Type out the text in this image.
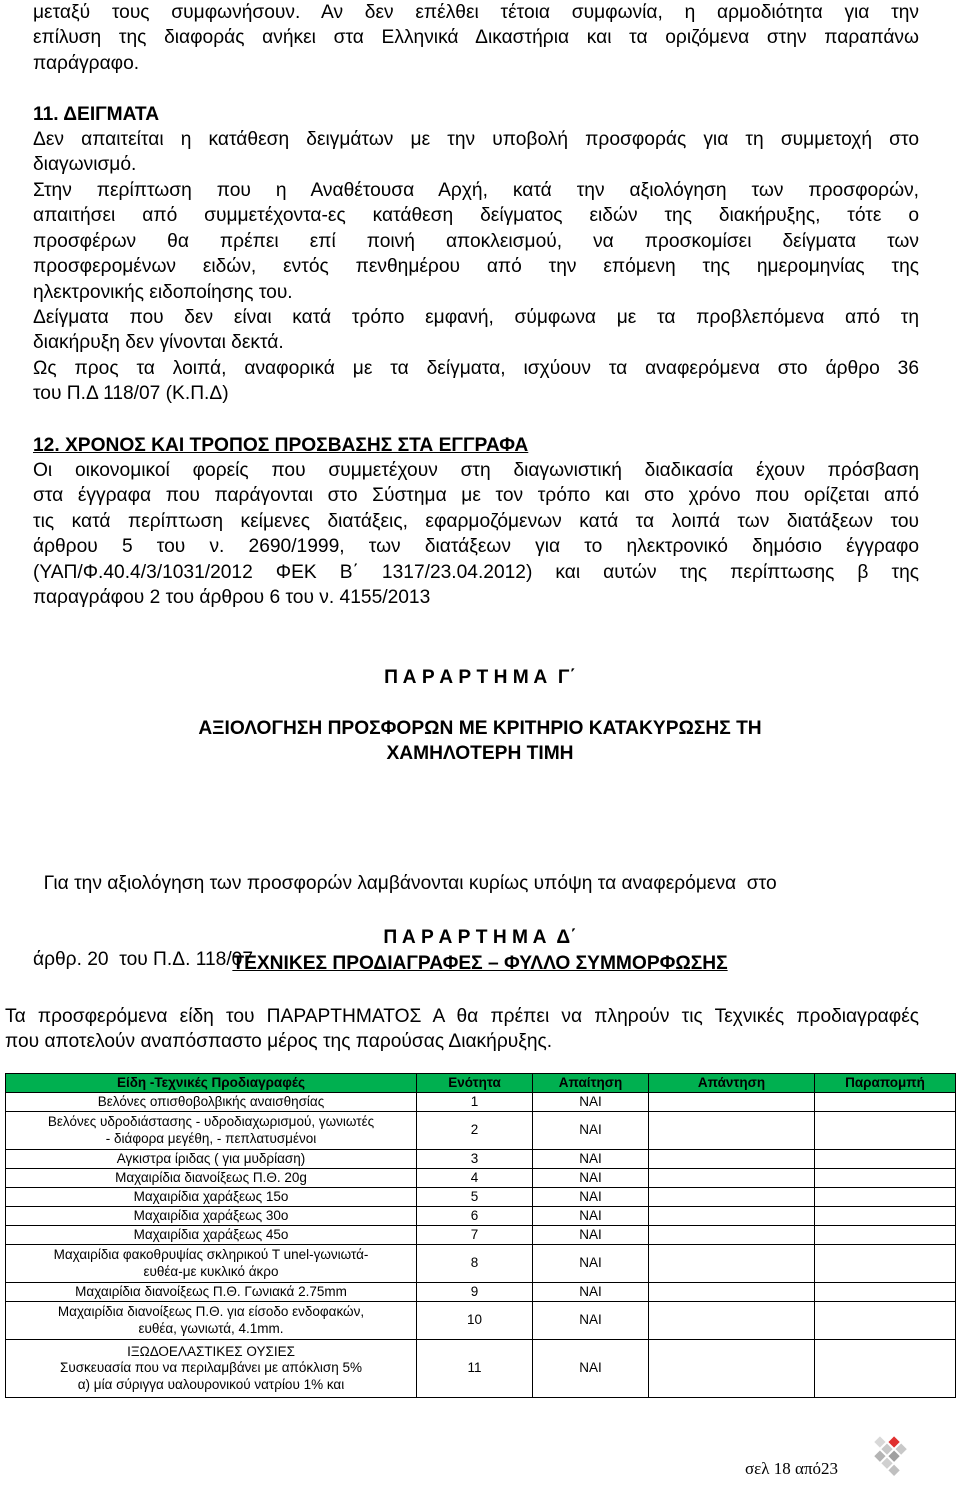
μεταξύ τους συμφωνήσουν. Αν δεν επέλθει τέτοια συμφωνία, η αρμοδιότητα για την
επίλυση της διαφοράς ανήκει στα Ελληνικά Δικαστήρια και τα οριζόμενα στην παραπάνω
παράγραφο.
11. ΔΕΙΓΜΑΤΑ
Δεν απαιτείται η κατάθεση δειγμάτων με την υποβολή προσφοράς για τη συμμετοχή στο
διαγωνισμό.
Στην περίπτωση που η Αναθέτουσα Αρχή, κατά την αξιολόγηση των προσφορών,
απαιτήσει από συμμετέχοντα-ες κατάθεση δείγματος ειδών της διακήρυξης, τότε ο
προσφέρων θα πρέπει επί ποινή αποκλεισμού, να προσκομίσει δείγματα των
προσφερομένων ειδών, εντός πενθημέρου από την επόμενη της ημερομηνίας της
ηλεκτρονικής ειδοποίησης του.
Δείγματα που δεν είναι κατά τρόπο εμφανή, σύμφωνα με τα προβλεπόμενα από τη
διακήρυξη δεν γίνονται δεκτά.
Ως προς τα λοιπά, αναφορικά με τα δείγματα, ισχύουν τα αναφερόμενα στο άρθρο 36
του Π.Δ 118/07 (Κ.Π.Δ)
12. ΧΡΟΝΟΣ ΚΑΙ ΤΡΟΠΟΣ ΠΡΟΣΒΑΣΗΣ ΣΤΑ ΕΓΓΡΑΦΑ
Οι οικονομικοί φορείς που συμμετέχουν στη διαγωνιστική διαδικασία έχουν πρόσβαση
στα έγγραφα που παράγονται στο Σύστημα με τον τρόπο και στο χρόνο που ορίζεται από
τις κατά περίπτωση κείμενες διατάξεις, εφαρμοζόμενων κατά τα λοιπά των διατάξεων του
άρθρου 5 του ν. 2690/1999, των διατάξεων για το ηλεκτρονικό δημόσιο έγγραφο
(ΥΑΠ/Φ.40.4/3/1031/2012 ΦΕΚ Β΄ 1317/23.04.2012) και αυτών της περίπτωσης β της
παραγράφου 2 του άρθρου 6 του ν. 4155/2013
Π Α Ρ Α Ρ Τ Η Μ Α  Γ΄
ΑΞΙΟΛΟΓΗΣΗ ΠΡΟΣΦΟΡΩΝ ΜΕ ΚΡΙΤΗΡΙΟ ΚΑΤΑΚΥΡΩΣΗΣ ΤΗ
ΧΑΜΗΛΟΤΕΡΗ ΤΙΜΗ

Για την αξιολόγηση των προσφορών λαμβάνονται κυρίως υπόψη τα αναφερόμενα  στο

άρθρ. 20  του Π.Δ. 118/07

Π Α Ρ Α Ρ Τ Η Μ Α  Δ΄
ΤΕΧΝΙΚΕΣ ΠΡΟΔΙΑΓΡΑΦΕΣ – ΦΥΛΛΟ ΣΥΜΜΟΡΦΩΣΗΣ
Τα προσφερόμενα είδη του ΠΑΡΑΡΤΗΜΑΤΟΣ Α θα πρέπει να πληρούν τις Τεχνικές προδιαγραφές
που αποτελούν αναπόσπαστο μέρος της παρούσας Διακήρυξης.
Είδη -Τεχνικές Προδιαγραφές	Ενότητα	Απαίτηση	Απάντηση	Παραπομπή

Βελόνες οπισθοβολβικής αναισθησίας	1	ΝΑΙ		

Βελόνες υδροδιάστασης - υδροδιαχωρισμού, γωνιωτές
- διάφορα μεγέθη, - πεπλατυσμένοι	2	ΝΑΙ		

Αγκιστρα ίριδας ( για μυδρίαση)	3	ΝΑΙ		

Μαχαιρίδια διανοίξεως Π.Θ. 20g	4	ΝΑΙ		

Μαχαιρίδια χαράξεως 15ο	5	ΝΑΙ		

Μαχαιρίδια χαράξεως 30ο	6	ΝΑΙ		

Μαχαιρίδια χαράξεως 45ο	7	ΝΑΙ		

Μαχαιρίδια φακοθρυψίας σκληρικού Τ unel-γωνιωτά-
ευθέα-με κυκλικό άκρο	8	ΝΑΙ		

Μαχαιρίδια διανοίξεως Π.Θ. Γωνιακά 2.75mm	9	ΝΑΙ		

Μαχαιρίδια διανοίξεως Π.Θ. για είσοδο ενδοφακών,
ευθέα, γωνιωτά, 4.1mm.	10	ΝΑΙ		

ΙΞΩΔΟΕΛΑΣΤΙΚΕΣ ΟΥΣΙΕΣ
Συσκευασία που να περιλαμβάνει με απόκλιση 5%
α) μία σύριγγα υαλουρονικού νατρίου 1% και	11	ΝΑΙ		
σελ 18 από23
